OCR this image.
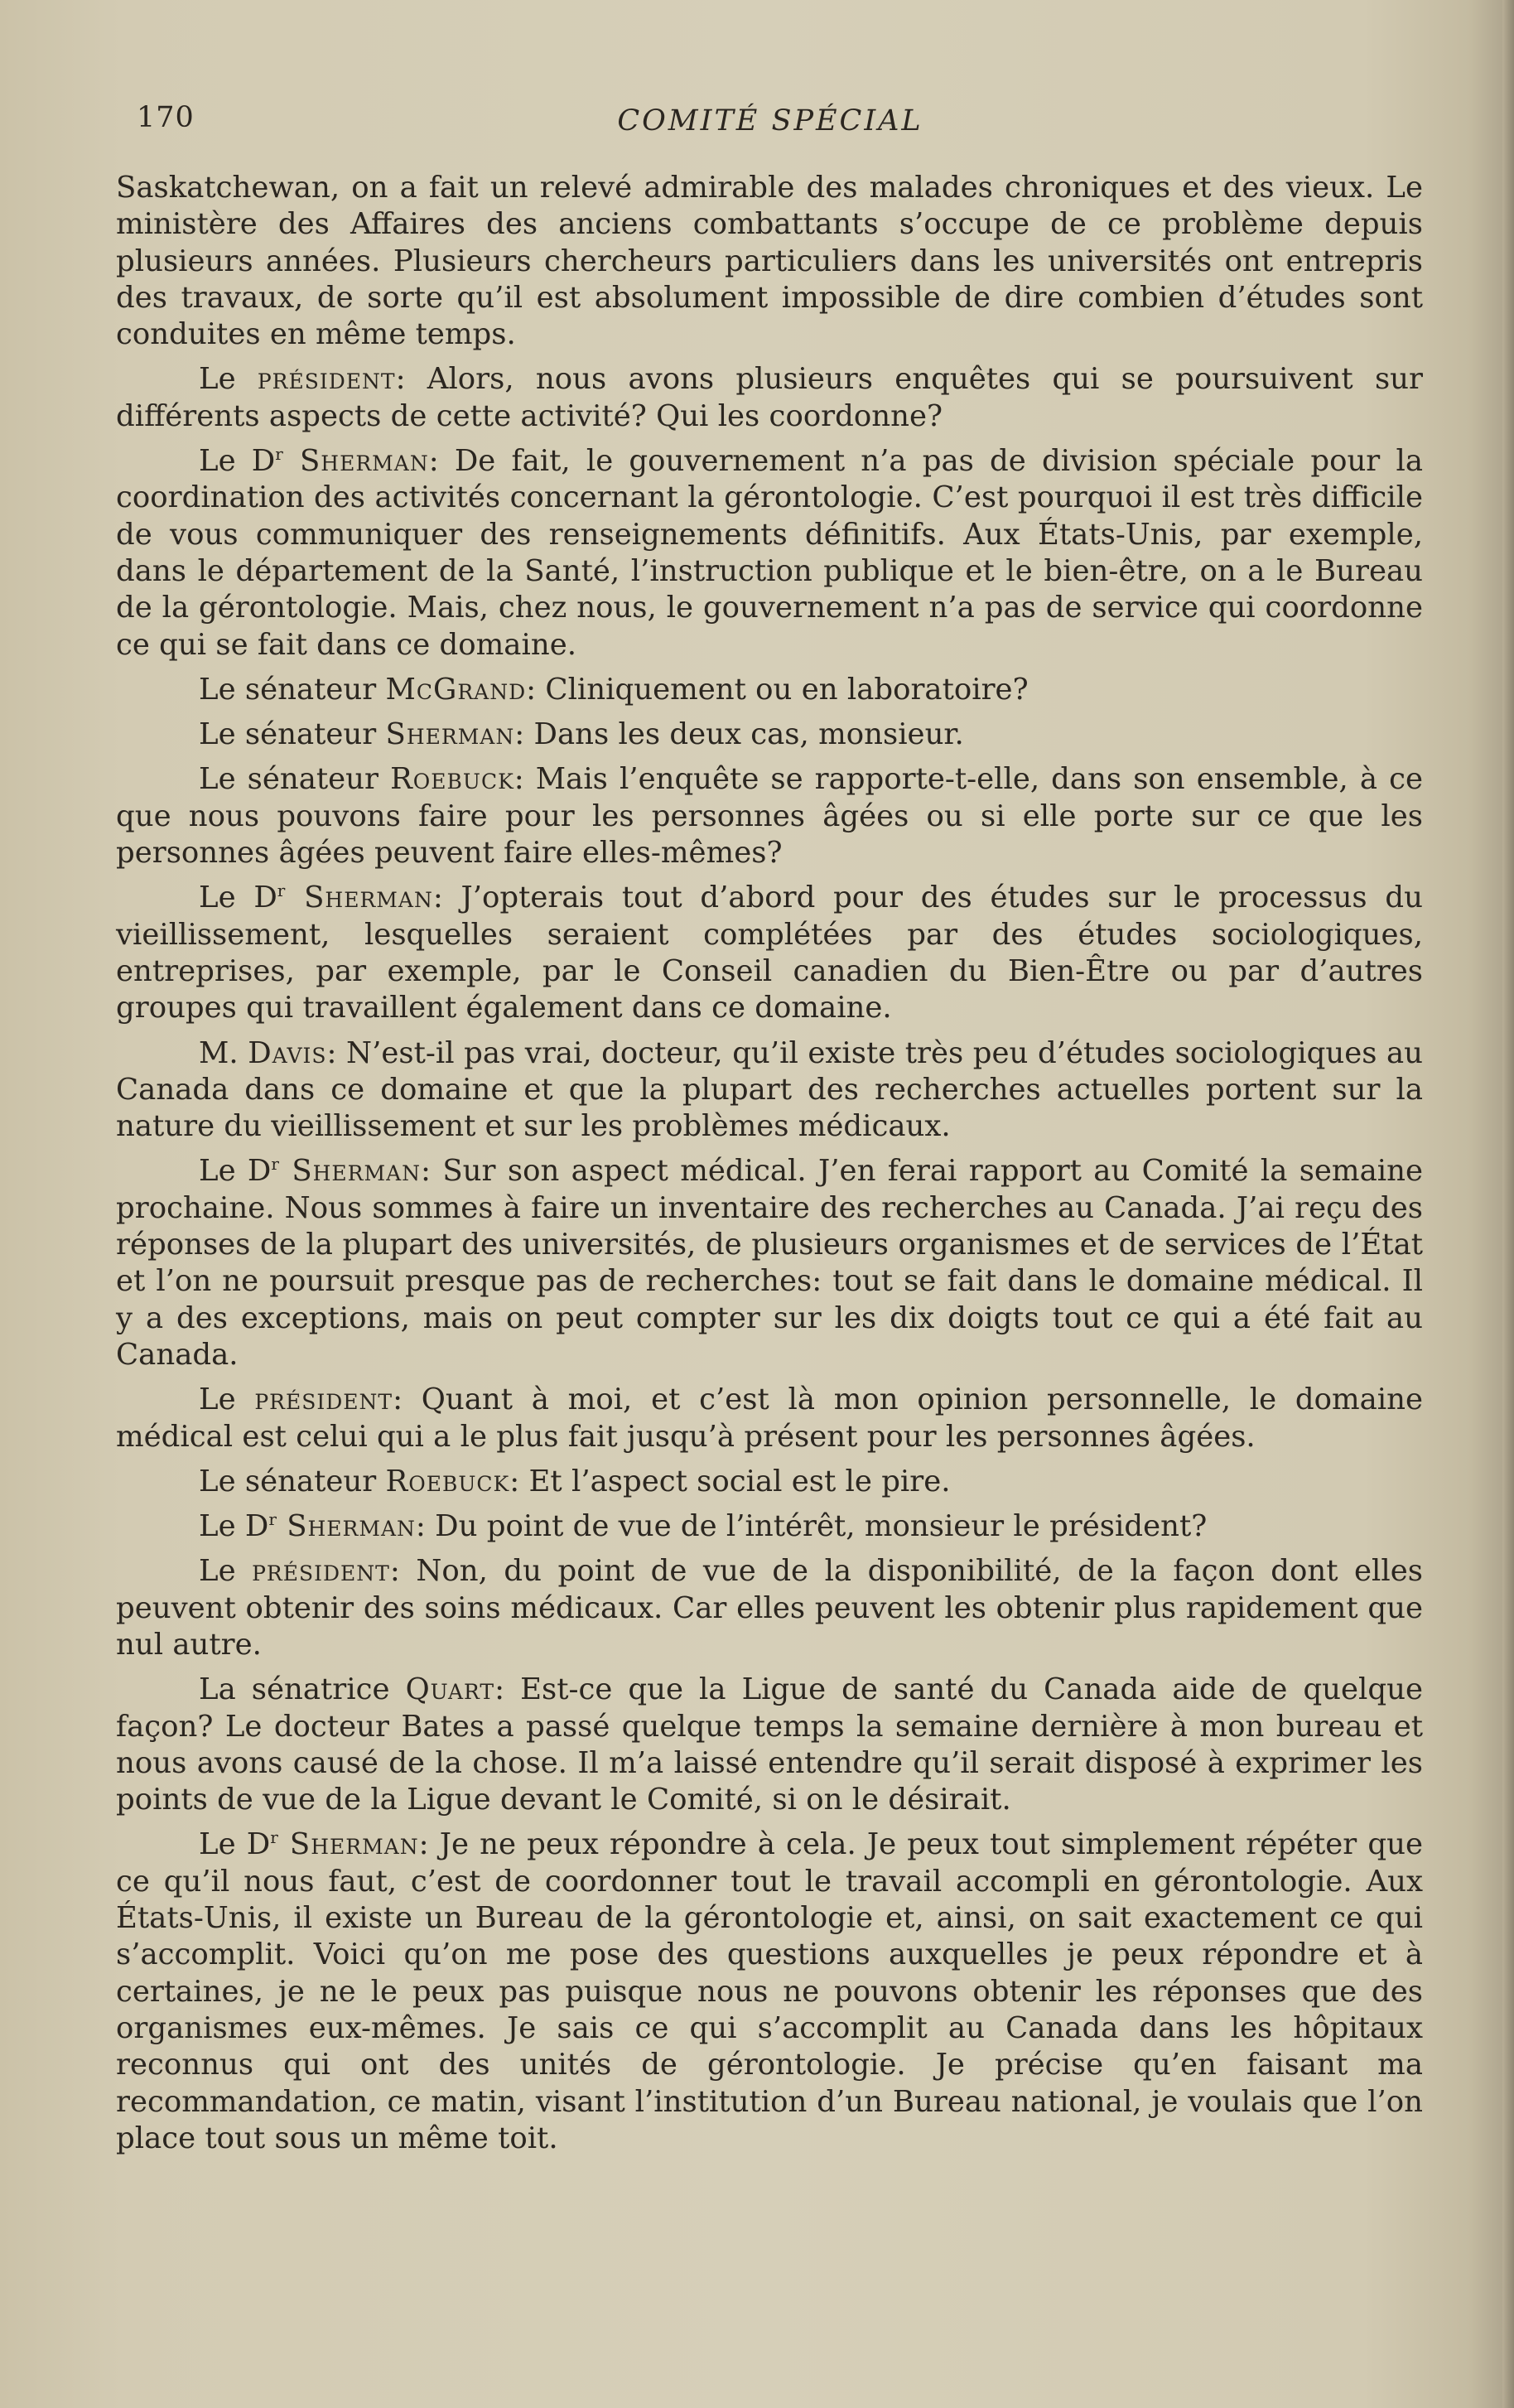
170	COMITÉ SPÉCIAL

Saskatchewan, on a fait un relevé admirable des malades chroniques et des vieux. Le ministère des Affaires des anciens combattants s’occupe de ce problème depuis plusieurs années. Plusieurs chercheurs particuliers dans les universités ont entrepris des travaux, de sorte qu’il est absolument impossible de dire combien d’études sont conduites en même temps.

Le président: Alors, nous avons plusieurs enquêtes qui se poursuivent sur différents aspects de cette activité? Qui les coordonne?

Le $D^r$ Sherman: De fait, le gouvernement n’a pas de division spéciale pour la coordination des activités concernant la gérontologie. C’est pourquoi il est très difficile de vous communiquer des renseignements définitifs. Aux États-Unis, par exemple, dans le département de la Santé, l’instruction publique et le bien-être, on a le Bureau de la gérontologie. Mais, chez nous, le gouvernement n’a pas de service qui coordonne ce qui se fait dans ce domaine.

Le sénateur McGrand: Cliniquement ou en laboratoire?

Le sénateur Sherman: Dans les deux cas, monsieur.

Le sénateur Roebuck: Mais l’enquête se rapporte-t-elle, dans son ensemble, à ce que nous pouvons faire pour les personnes âgées ou si elle porte sur ce que les personnes âgées peuvent faire elles-mêmes?

Le $D^r$ Sherman: J’opterais tout d’abord pour des études sur le processus du vieillissement, lesquelles seraient complétées par des études sociologiques, entreprises, par exemple, par le Conseil canadien du Bien-Être ou par d’autres groupes qui travaillent également dans ce domaine.

M. Davis: N’est-il pas vrai, docteur, qu’il existe très peu d’études sociologiques au Canada dans ce domaine et que la plupart des recherches actuelles portent sur la nature du vieillissement et sur les problèmes médicaux.

Le $D^r$ Sherman: Sur son aspect médical. J’en ferai rapport au Comité la semaine prochaine. Nous sommes à faire un inventaire des recherches au Canada. J’ai reçu des réponses de la plupart des universités, de plusieurs organismes et de services de l’État et l’on ne poursuit presque pas de recherches: tout se fait dans le domaine médical. Il y a des exceptions, mais on peut compter sur les dix doigts tout ce qui a été fait au Canada.

Le président: Quant à moi, et c’est là mon opinion personnelle, le domaine médical est celui qui a le plus fait jusqu’à présent pour les personnes âgées.

Le sénateur Roebuck: Et l’aspect social est le pire.

Le $D^r$ Sherman: Du point de vue de l’intérêt, monsieur le président?

Le président: Non, du point de vue de la disponibilité, de la façon dont elles peuvent obtenir des soins médicaux. Car elles peuvent les obtenir plus rapidement que nul autre.

La sénatrice Quart: Est-ce que la Ligue de santé du Canada aide de quelque façon? Le docteur Bates a passé quelque temps la semaine dernière à mon bureau et nous avons causé de la chose. Il m’a laissé entendre qu’il serait disposé à exprimer les points de vue de la Ligue devant le Comité, si on le désirait.

Le $D^r$ Sherman: Je ne peux répondre à cela. Je peux tout simplement répéter que ce qu’il nous faut, c’est de coordonner tout le travail accompli en gérontologie. Aux États-Unis, il existe un Bureau de la gérontologie et, ainsi, on sait exactement ce qui s’accomplit. Voici qu’on me pose des questions auxquelles je peux répondre et à certaines, je ne le peux pas puisque nous ne pouvons obtenir les réponses que des organismes eux-mêmes. Je sais ce qui s’accomplit au Canada dans les hôpitaux reconnus qui ont des unités de gérontologie. Je précise qu’en faisant ma recommandation, ce matin, visant l’institution d’un Bureau national, je voulais que l’on place tout sous un même toit.
